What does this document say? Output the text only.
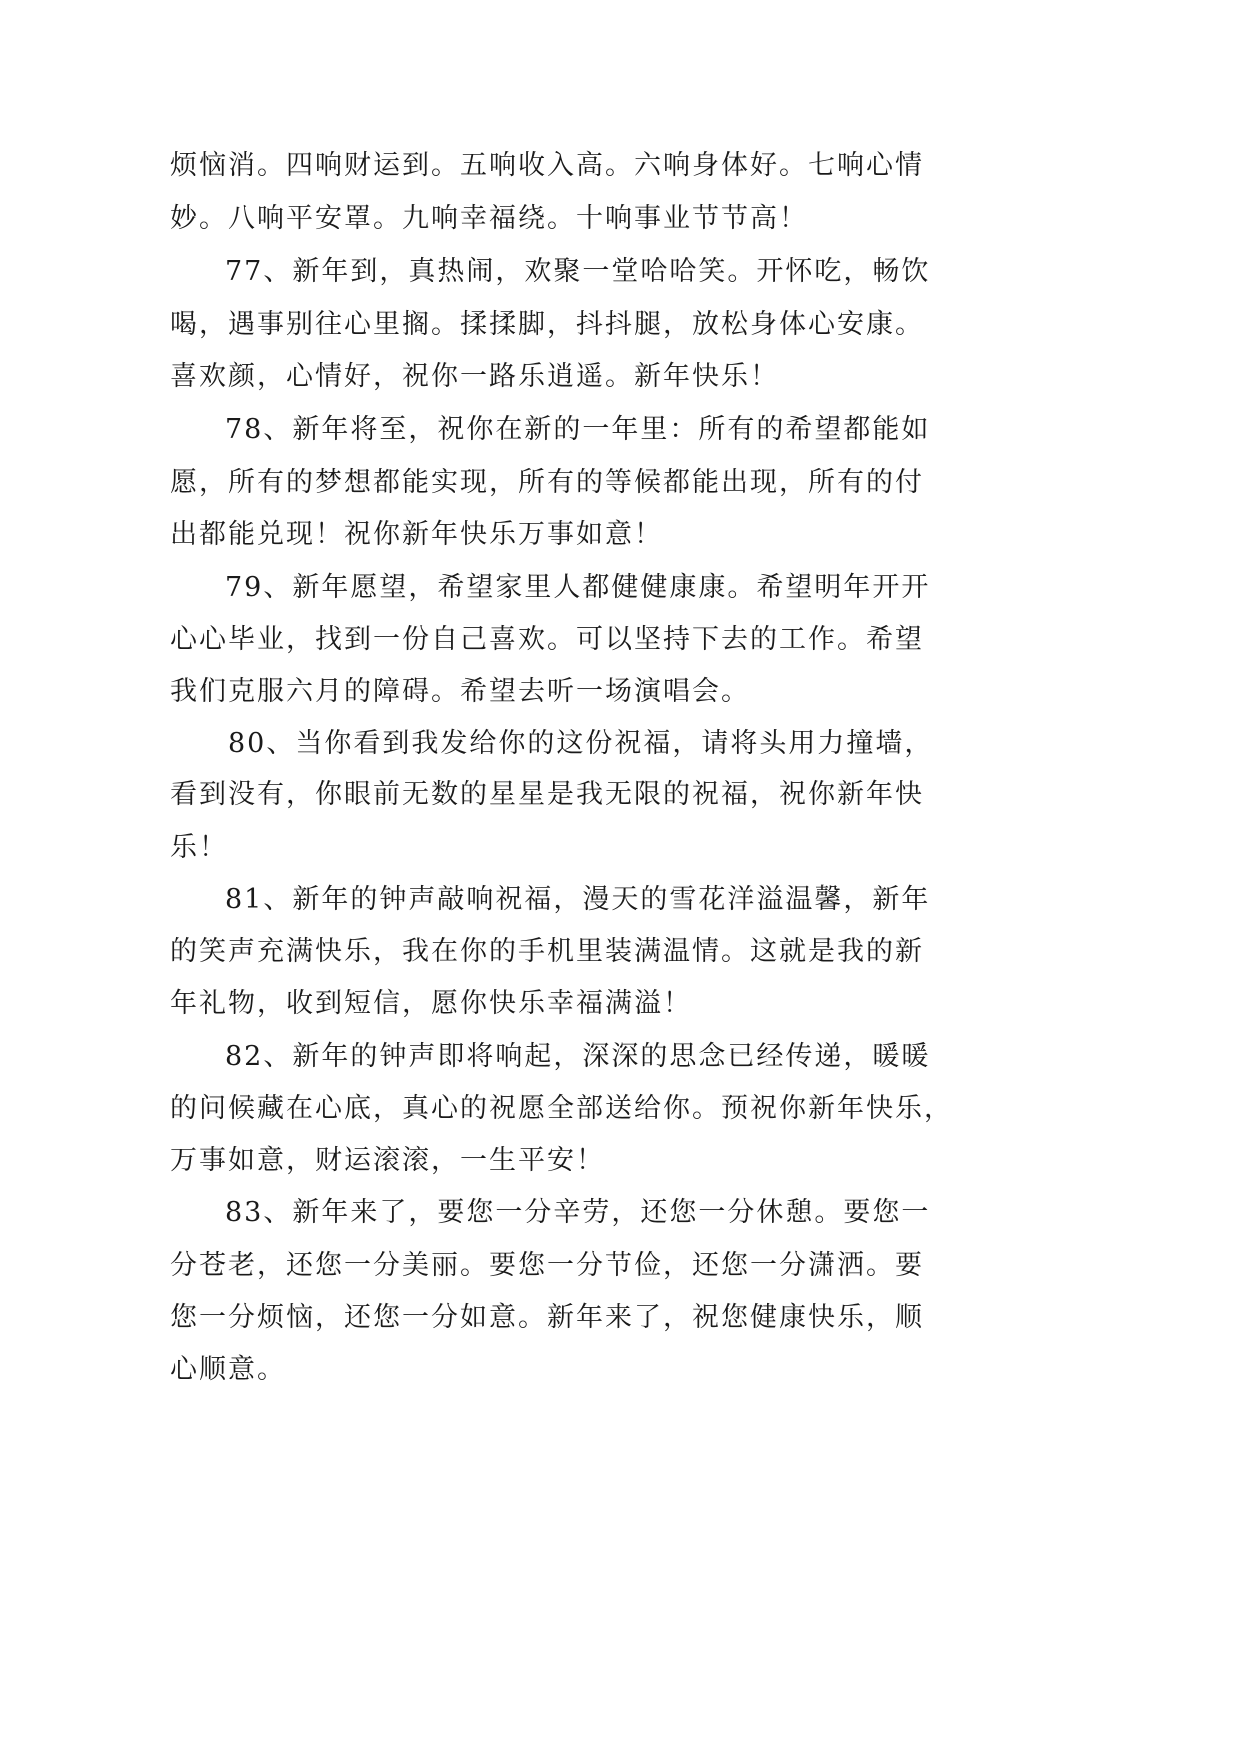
烦恼消。四响财运到。五响收入高。六响身体好。七响心情

妙。八响平安罩。九响幸福绕。十响事业节节高！

77、新年到，真热闹，欢聚一堂哈哈笑。开怀吃，畅饮

喝，遇事别往心里搁。揉揉脚，抖抖腿，放松身体心安康。

喜欢颜，心情好，祝你一路乐逍遥。新年快乐！

78、新年将至，祝你在新的一年里：所有的希望都能如

愿，所有的梦想都能实现，所有的等候都能出现，所有的付

出都能兑现！祝你新年快乐万事如意！

79、新年愿望，希望家里人都健健康康。希望明年开开

心心毕业，找到一份自己喜欢。可以坚持下去的工作。希望

我们克服六月的障碍。希望去听一场演唱会。

80、当你看到我发给你的这份祝福，请将头用力撞墙，

看到没有，你眼前无数的星星是我无限的祝福，祝你新年快

乐！

81、新年的钟声敲响祝福，漫天的雪花洋溢温馨，新年

的笑声充满快乐，我在你的手机里装满温情。这就是我的新

年礼物，收到短信，愿你快乐幸福满溢！

82、新年的钟声即将响起，深深的思念已经传递，暖暖

的问候藏在心底，真心的祝愿全部送给你。预祝你新年快乐，

万事如意，财运滚滚，一生平安！

83、新年来了，要您一分辛劳，还您一分休憩。要您一

分苍老，还您一分美丽。要您一分节俭，还您一分潇洒。要

您一分烦恼，还您一分如意。新年来了，祝您健康快乐，顺

心顺意。
